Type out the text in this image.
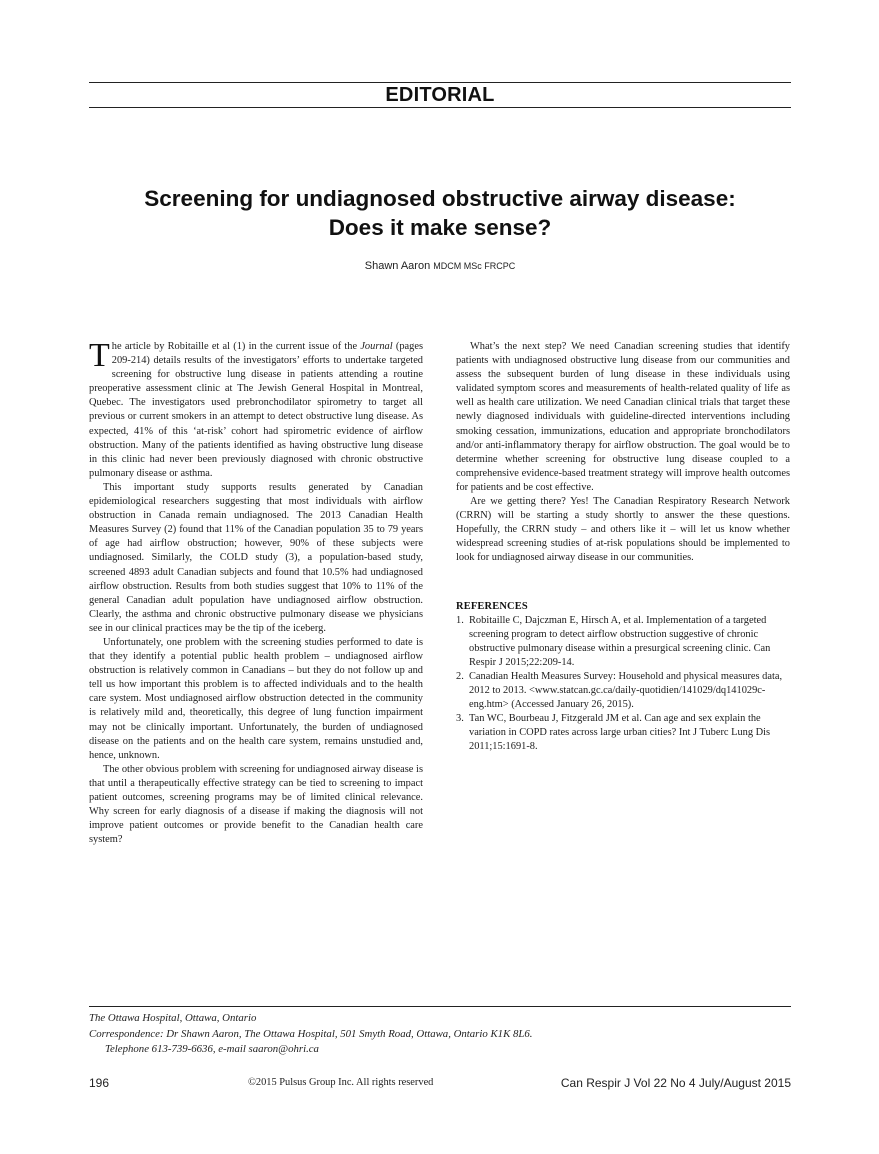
EDITORIAL
Screening for undiagnosed obstructive airway disease:
Does it make sense?
Shawn Aaron MDCM MSc FRCPC

The article by Robitaille et al (1) in the current issue of the Journal (pages 209-214) details results of the investigators’ efforts to undertake targeted screening for obstructive lung disease in patients attending a routine preoperative assessment clinic at The Jewish General Hospital in Montreal, Quebec. The investigators used prebronchodilator spirometry to target all previous or current smokers in an attempt to detect obstructive lung disease. As expected, 41% of this ‘at-risk’ cohort had spirometric evidence of airflow obstruction. Many of the patients identified as having obstructive lung disease in this clinic had never been previously diagnosed with chronic obstructive pulmonary disease or asthma.

This important study supports results generated by Canadian epidemiological researchers suggesting that most individuals with airflow obstruction in Canada remain undiagnosed. The 2013 Canadian Health Measures Survey (2) found that 11% of the Canadian population 35 to 79 years of age had airflow obstruction; however, 90% of these subjects were undiagnosed. Similarly, the COLD study (3), a population-based study, screened 4893 adult Canadian subjects and found that 10.5% had undiagnosed airflow obstruction. Results from both studies suggest that 10% to 11% of the general Canadian adult population have undiagnosed airflow obstruction. Clearly, the asthma and chronic obstructive pulmonary disease we physicians see in our clinical practices may be the tip of the iceberg.

Unfortunately, one problem with the screening studies performed to date is that they identify a potential public health problem – undiagnosed airflow obstruction is relatively common in Canadians – but they do not follow up and tell us how important this problem is to affected individuals and to the health care system. Most undiagnosed airflow obstruction detected in the community is relatively mild and, theoretically, this degree of lung function impairment may not be clinically important. Unfortunately, the burden of undiagnosed disease on the patients and on the health care system, remains unstudied and, hence, unknown.

The other obvious problem with screening for undiagnosed airway disease is that until a therapeutically effective strategy can be tied to screening to impact patient outcomes, screening programs may be of limited clinical relevance. Why screen for early diagnosis of a disease if making the diagnosis will not improve patient outcomes or provide benefit to the Canadian health care system?

What’s the next step? We need Canadian screening studies that identify patients with undiagnosed obstructive lung disease from our communities and assess the subsequent burden of lung disease in these individuals using validated symptom scores and measurements of health-related quality of life as well as health care utilization. We need Canadian clinical trials that target these newly diagnosed individuals with guideline-directed interventions including smoking cessation, immunizations, education and appropriate bronchodilators and/or anti-inflammatory therapy for airflow obstruction. The goal would be to determine whether screening for obstructive lung disease coupled to a comprehensive evidence-based treatment strategy will improve health outcomes for patients and be cost effective.

Are we getting there? Yes! The Canadian Respiratory Research Network (CRRN) will be starting a study shortly to answer the these questions. Hopefully, the CRRN study – and others like it – will let us know whether widespread screening studies of at-risk populations should be implemented to look for undiagnosed airway disease in our communities.

REFERENCES
1. Robitaille C, Dajczman E, Hirsch A, et al. Implementation of a targeted screening program to detect airflow obstruction suggestive of chronic obstructive pulmonary disease within a presurgical screening clinic. Can Respir J 2015;22:209-14.
2. Canadian Health Measures Survey: Household and physical measures data, 2012 to 2013. <www.statcan.gc.ca/daily-quotidien/141029/dq141029c-eng.htm> (Accessed January 26, 2015).
3. Tan WC, Bourbeau J, Fitzgerald JM et al. Can age and sex explain the variation in COPD rates across large urban cities? Int J Tuberc Lung Dis 2011;15:1691-8.
The Ottawa Hospital, Ottawa, Ontario
Correspondence: Dr Shawn Aaron, The Ottawa Hospital, 501 Smyth Road, Ottawa, Ontario K1K 8L6.
Telephone 613-739-6636, e-mail saaron@ohri.ca
196	©2015 Pulsus Group Inc. All rights reserved	Can Respir J Vol 22 No 4 July/August 2015
